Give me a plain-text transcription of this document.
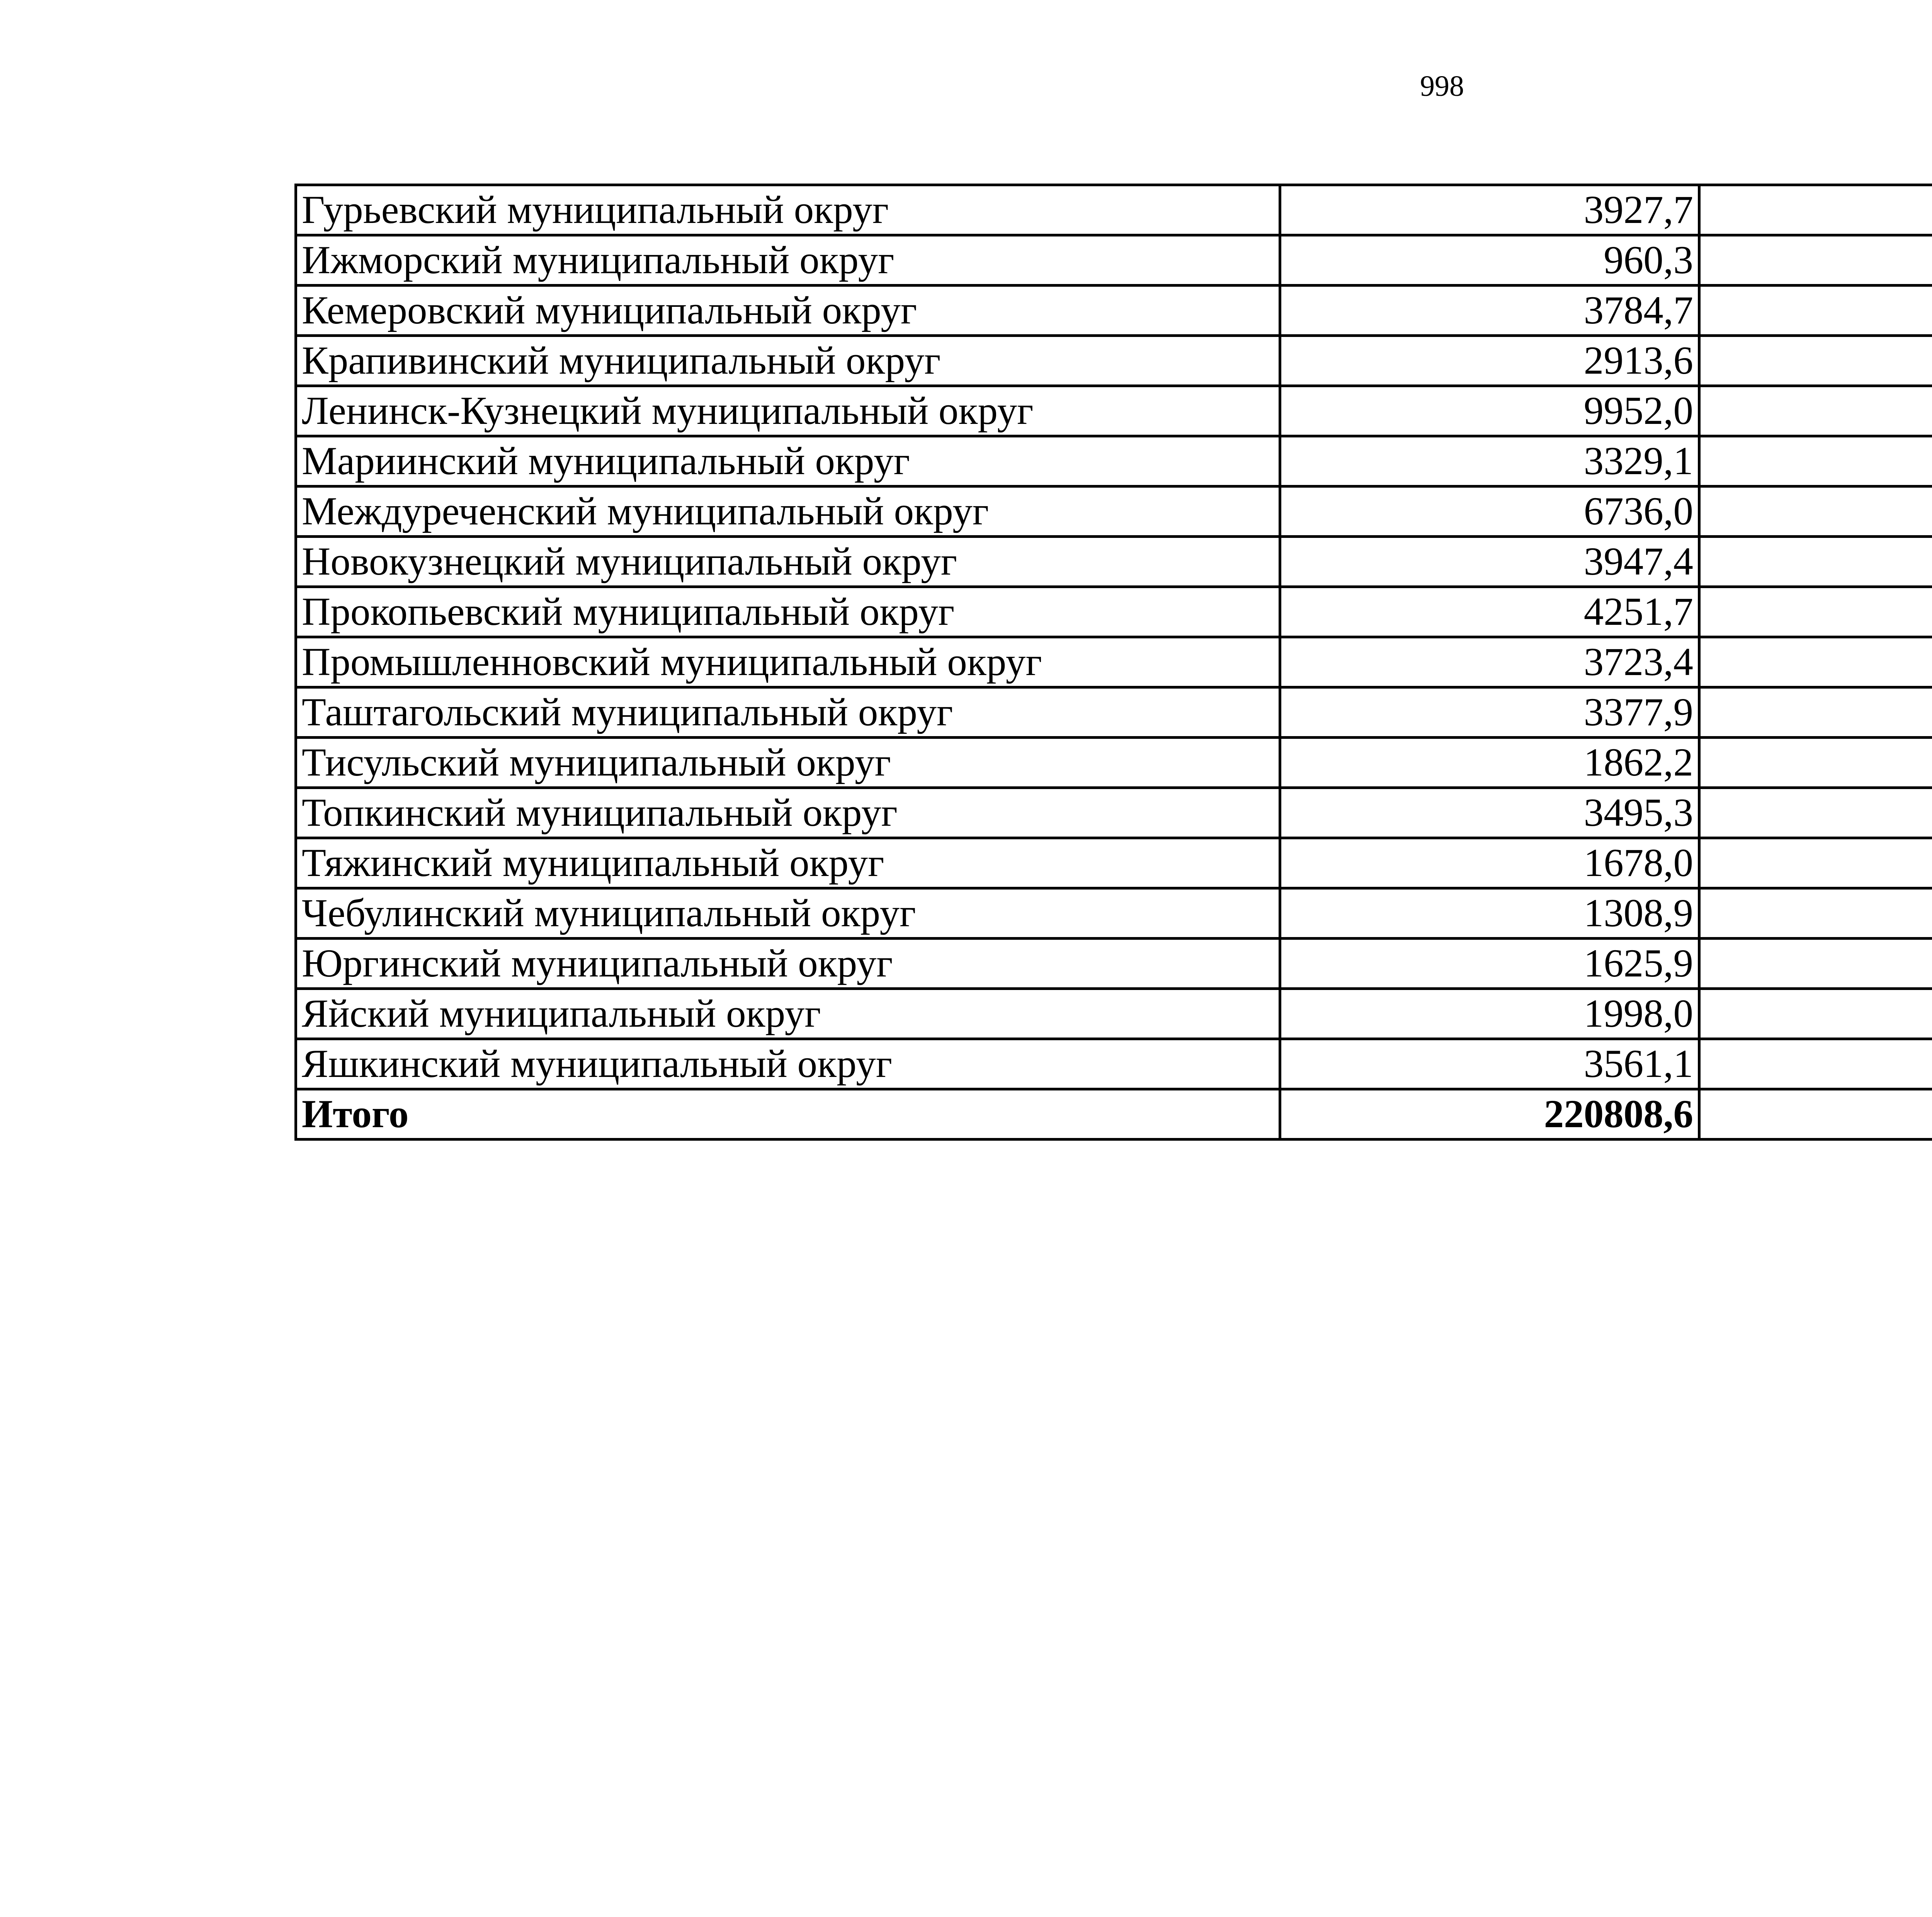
998
Гурьевский муниципальный округ	3927,7		
Ижморский муниципальный округ	960,3		
Кемеровский муниципальный округ	3784,7		
Крапивинский муниципальный округ	2913,6		
Ленинск-Кузнецкий муниципальный округ	9952,0		
Мариинский муниципальный округ	3329,1		
Междуреченский муниципальный округ	6736,0		
Новокузнецкий муниципальный округ	3947,4		
Прокопьевский муниципальный округ	4251,7		
Промышленновский муниципальный округ	3723,4		
Таштагольский муниципальный округ	3377,9		
Тисульский муниципальный округ	1862,2		
Топкинский муниципальный округ	3495,3		
Тяжинский муниципальный округ	1678,0		
Чебулинский муниципальный округ	1308,9		
Юргинский муниципальный округ	1625,9		
Яйский муниципальный округ	1998,0		
Яшкинский муниципальный округ	3561,1		
Итого	220808,6		
